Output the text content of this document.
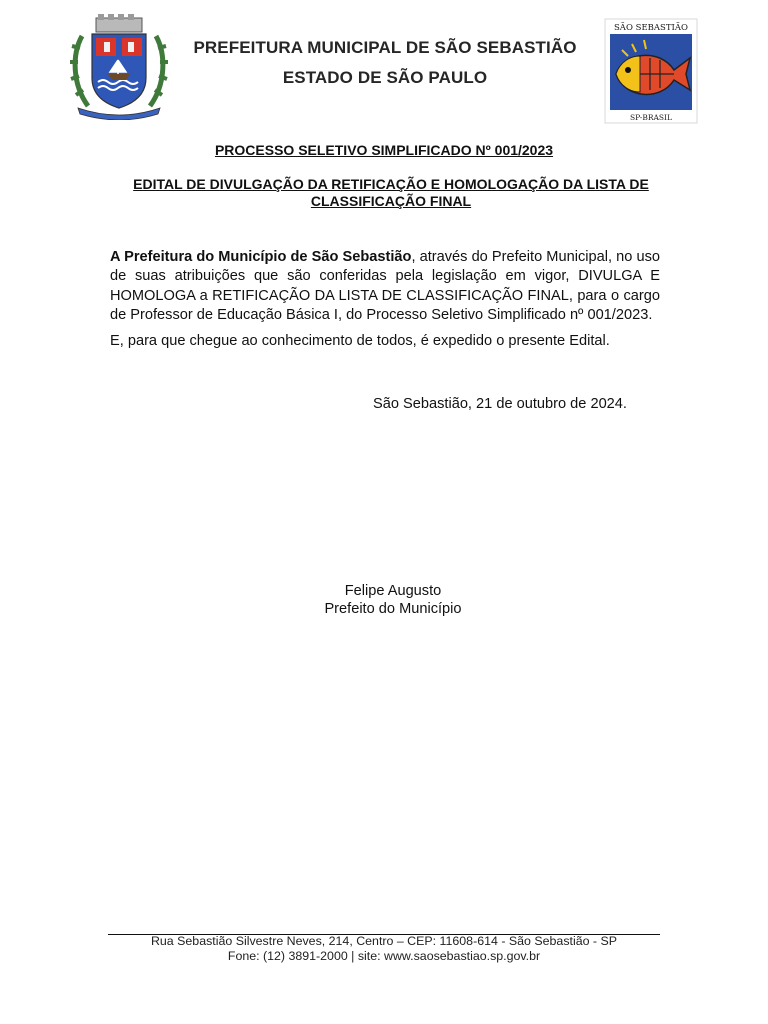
SÃO SEBASTIÃO
SP-BRASIL
PREFEITURA MUNICIPAL DE SÃO SEBASTIÃO
ESTADO DE SÃO PAULO
PROCESSO SELETIVO SIMPLIFICADO Nº 001/2023
EDITAL DE DIVULGAÇÃO DA RETIFICAÇÃO E HOMOLOGAÇÃO DA LISTA DE CLASSIFICAÇÃO FINAL

A Prefeitura do Município de São Sebastião, através do Prefeito Municipal, no uso de suas atribuições que são conferidas pela legislação em vigor, DIVULGA E HOMOLOGA a RETIFICAÇÃO DA LISTA DE CLASSIFICAÇÃO FINAL, para o cargo de Professor de Educação Básica I, do Processo Seletivo Simplificado nº 001/2023.

E, para que chegue ao conhecimento de todos, é expedido o presente Edital.

São Sebastião, 21 de outubro de 2024.
Felipe Augusto
Prefeito do Município
Rua Sebastião Silvestre Neves, 214, Centro – CEP: 11608-614 - São Sebastião - SP
Fone: (12) 3891-2000 | site: www.saosebastiao.sp.gov.br
